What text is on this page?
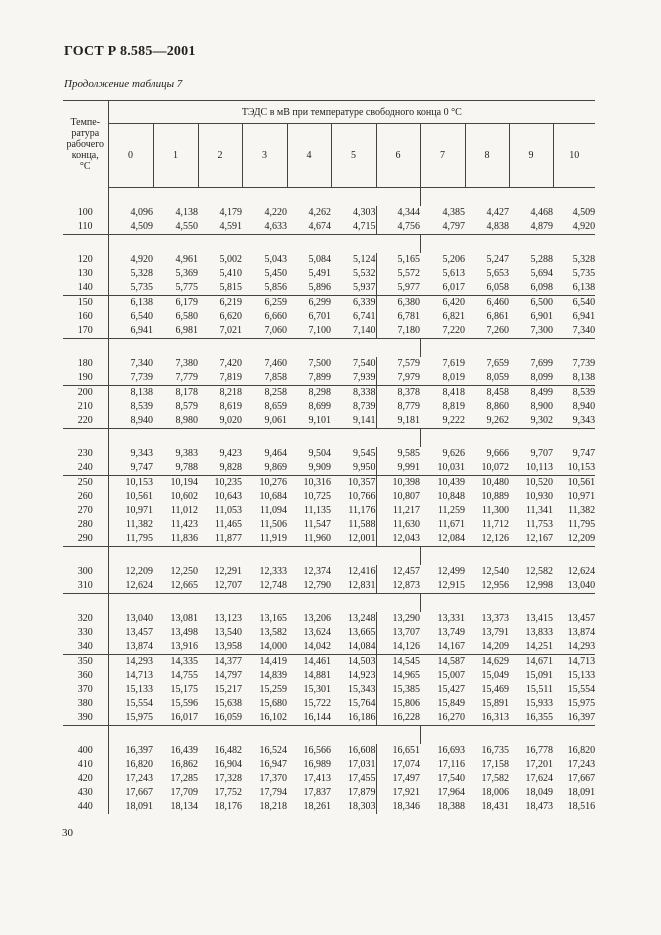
ГОСТ Р 8.585—2001
Продолжение таблицы 7
Темпе-
ратура
рабочего
конца,
°С	ТЭДС в мВ при температуре свободного конца 0 °С										
	0	1	2	3	4	5	6	7	8	9	10

100	4,096	4,138	4,179	4,220	4,262	4,303	4,344	4,385	4,427	4,468	4,509
110	4,509	4,550	4,591	4,633	4,674	4,715	4,756	4,797	4,838	4,879	4,920

120	4,920	4,961	5,002	5,043	5,084	5,124	5,165	5,206	5,247	5,288	5,328
130	5,328	5,369	5,410	5,450	5,491	5,532	5,572	5,613	5,653	5,694	5,735
140	5,735	5,775	5,815	5,856	5,896	5,937	5,977	6,017	6,058	6,098	6,138
150	6,138	6,179	6,219	6,259	6,299	6,339	6,380	6,420	6,460	6,500	6,540
160	6,540	6,580	6,620	6,660	6,701	6,741	6,781	6,821	6,861	6,901	6,941
170	6,941	6,981	7,021	7,060	7,100	7,140	7,180	7,220	7,260	7,300	7,340

180	7,340	7,380	7,420	7,460	7,500	7,540	7,579	7,619	7,659	7,699	7,739
190	7,739	7,779	7,819	7,858	7,899	7,939	7,979	8,019	8,059	8,099	8,138
200	8,138	8,178	8,218	8,258	8,298	8,338	8,378	8,418	8,458	8,499	8,539
210	8,539	8,579	8,619	8,659	8,699	8,739	8,779	8,819	8,860	8,900	8,940
220	8,940	8,980	9,020	9,061	9,101	9,141	9,181	9,222	9,262	9,302	9,343

230	9,343	9,383	9,423	9,464	9,504	9,545	9,585	9,626	9,666	9,707	9,747
240	9,747	9,788	9,828	9,869	9,909	9,950	9,991	10,031	10,072	10,113	10,153
250	10,153	10,194	10,235	10,276	10,316	10,357	10,398	10,439	10,480	10,520	10,561
260	10,561	10,602	10,643	10,684	10,725	10,766	10,807	10,848	10,889	10,930	10,971
270	10,971	11,012	11,053	11,094	11,135	11,176	11,217	11,259	11,300	11,341	11,382
280	11,382	11,423	11,465	11,506	11,547	11,588	11,630	11,671	11,712	11,753	11,795
290	11,795	11,836	11,877	11,919	11,960	12,001	12,043	12,084	12,126	12,167	12,209

300	12,209	12,250	12,291	12,333	12,374	12,416	12,457	12,499	12,540	12,582	12,624
310	12,624	12,665	12,707	12,748	12,790	12,831	12,873	12,915	12,956	12,998	13,040

320	13,040	13,081	13,123	13,165	13,206	13,248	13,290	13,331	13,373	13,415	13,457
330	13,457	13,498	13,540	13,582	13,624	13,665	13,707	13,749	13,791	13,833	13,874
340	13,874	13,916	13,958	14,000	14,042	14,084	14,126	14,167	14,209	14,251	14,293
350	14,293	14,335	14,377	14,419	14,461	14,503	14,545	14,587	14,629	14,671	14,713
360	14,713	14,755	14,797	14,839	14,881	14,923	14,965	15,007	15,049	15,091	15,133
370	15,133	15,175	15,217	15,259	15,301	15,343	15,385	15,427	15,469	15,511	15,554
380	15,554	15,596	15,638	15,680	15,722	15,764	15,806	15,849	15,891	15,933	15,975
390	15,975	16,017	16,059	16,102	16,144	16,186	16,228	16,270	16,313	16,355	16,397

400	16,397	16,439	16,482	16,524	16,566	16,608	16,651	16,693	16,735	16,778	16,820
410	16,820	16,862	16,904	16,947	16,989	17,031	17,074	17,116	17,158	17,201	17,243
420	17,243	17,285	17,328	17,370	17,413	17,455	17,497	17,540	17,582	17,624	17,667
430	17,667	17,709	17,752	17,794	17,837	17,879	17,921	17,964	18,006	18,049	18,091
440	18,091	18,134	18,176	18,218	18,261	18,303	18,346	18,388	18,431	18,473	18,516
30
